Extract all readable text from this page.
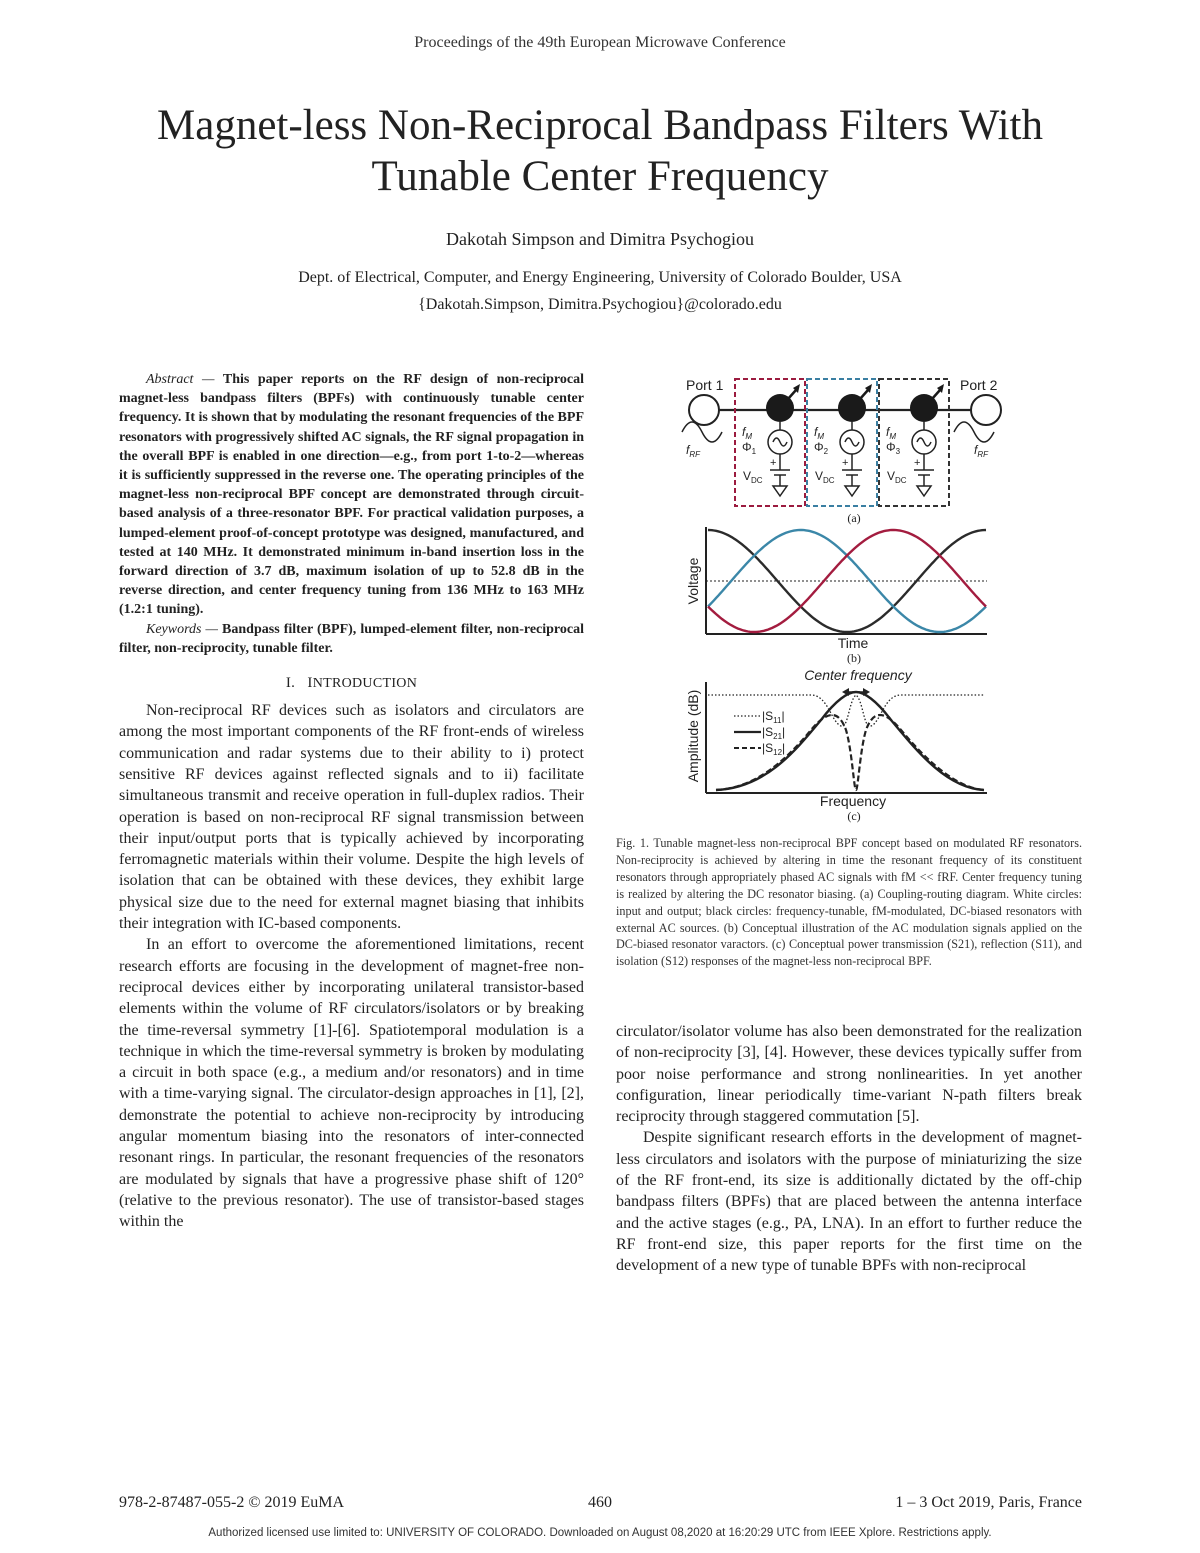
Proceedings of the 49th European Microwave Conference
Magnet-less Non-Reciprocal Bandpass Filters With
Tunable Center Frequency
Dakotah Simpson and Dimitra Psychogiou
Dept. of Electrical, Computer, and Energy Engineering, University of Colorado Boulder, USA
{Dakotah.Simpson, Dimitra.Psychogiou}@colorado.edu

Abstract — This paper reports on the RF design of non-reciprocal magnet-less bandpass filters (BPFs) with continuously tunable center frequency. It is shown that by modulating the resonant frequencies of the BPF resonators with progressively shifted AC signals, the RF signal propagation in the overall BPF is enabled in one direction—e.g., from port 1-to-2—whereas it is sufficiently suppressed in the reverse one. The operating principles of the magnet-less non-reciprocal BPF concept are demonstrated through circuit-based analysis of a three-resonator BPF. For practical validation purposes, a lumped-element proof-of-concept prototype was designed, manufactured, and tested at 140 MHz. It demonstrated minimum in-band insertion loss in the forward direction of 3.7 dB, maximum isolation of up to 52.8 dB in the reverse direction, and center frequency tuning from 136 MHz to 163 MHz (1.2:1 tuning).

Keywords — Bandpass filter (BPF), lumped-element filter, non-reciprocal filter, non-reciprocity, tunable filter.

I. INTRODUCTION

Non-reciprocal RF devices such as isolators and circulators are among the most important components of the RF front-ends of wireless communication and radar systems due to their ability to i) protect sensitive RF devices against reflected signals and to ii) facilitate simultaneous transmit and receive operation in full-duplex radios. Their operation is based on non-reciprocal RF signal transmission between their input/output ports that is typically achieved by incorporating ferromagnetic materials within their volume. Despite the high levels of isolation that can be obtained with these devices, they exhibit large physical size due to the need for external magnet biasing that inhibits their integration with IC-based components.

In an effort to overcome the aforementioned limitations, recent research efforts are focusing in the development of magnet-free non-reciprocal devices either by incorporating unilateral transistor-based elements within the volume of RF circulators/isolators or by breaking the time-reversal symmetry [1]-[6]. Spatiotemporal modulation is a technique in which the time-reversal symmetry is broken by modulating a circuit in both space (e.g., a medium and/or resonators) and in time with a time-varying signal. The circulator-design approaches in [1], [2], demonstrate the potential to achieve non-reciprocity by introducing angular momentum biasing into the resonators of inter-connected resonant rings. In particular, the resonant frequencies of the resonators are modulated by signals that have a progressive phase shift of 120° (relative to the previous resonator). The use of transistor-based stages within the

Port 1	Port 2
$f_{RF}$	$f_{RF}$
$f_M$
$\Phi_1$
+
$V_{DC}$
$f_M$
$\Phi_2$
+
$V_{DC}$
$f_M$
$\Phi_3$
+
$V_{DC}$
(a)
Voltage
Time
(b)
Center frequency
$|S_{11}|$
$|S_{21}|$
$|S_{12}|$
Amplitude (dB)
Frequency
(c)
Fig. 1. Tunable magnet-less non-reciprocal BPF concept based on modulated RF resonators. Non-reciprocity is achieved by altering in time the resonant frequency of its constituent resonators through appropriately phased AC signals with fM << fRF. Center frequency tuning is realized by altering the DC resonator biasing. (a) Coupling-routing diagram. White circles: input and output; black circles: frequency-tunable, fM-modulated, DC-biased resonators with external AC sources. (b) Conceptual illustration of the AC modulation signals applied on the DC-biased resonator varactors. (c) Conceptual power transmission (S21), reflection (S11), and isolation (S12) responses of the magnet-less non-reciprocal BPF.

circulator/isolator volume has also been demonstrated for the realization of non-reciprocity [3], [4]. However, these devices typically suffer from poor noise performance and strong nonlinearities. In yet another configuration, linear periodically time-variant N-path filters break reciprocity through staggered commutation [5].

Despite significant research efforts in the development of magnet-less circulators and isolators with the purpose of miniaturizing the size of the RF front-end, its size is additionally dictated by the off-chip bandpass filters (BPFs) that are placed between the antenna interface and the active stages (e.g., PA, LNA). In an effort to further reduce the RF front-end size, this paper reports for the first time on the development of a new type of tunable BPFs with non-reciprocal

978-2-87487-055-2 © 2019 EuMA	460	1 – 3 Oct 2019, Paris, France
Authorized licensed use limited to: UNIVERSITY OF COLORADO. Downloaded on August 08,2020 at 16:20:29 UTC from IEEE Xplore. Restrictions apply.
